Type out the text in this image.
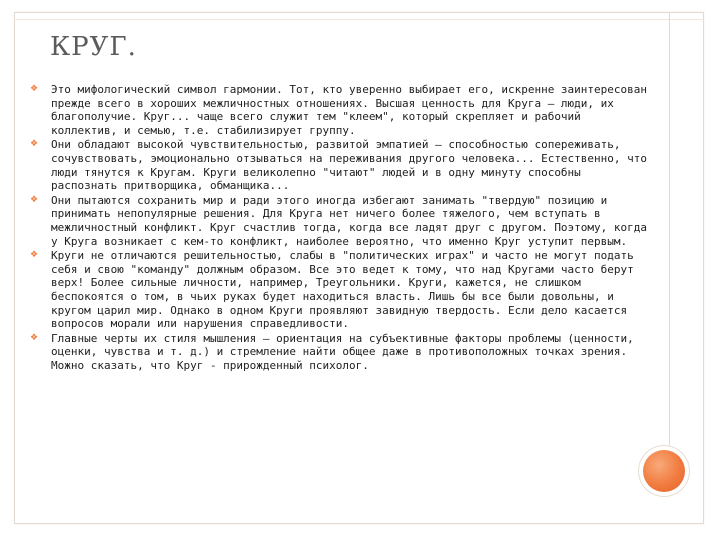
КРУГ.
❖ Это мифологический символ гармонии. Тот, кто уверенно выбирает его, искренне заинтересован прежде всего в хороших межличностных отношениях. Высшая ценность для Круга – люди, их благополучие. Круг... чаще всего служит тем "клеем", который скрепляет и рабочий коллектив, и семью, т.е. стабилизирует группу.
❖ Они обладают высокой чувствительностью, развитой эмпатией – способностью сопереживать, сочувствовать, эмоционально отзываться на переживания другого человека... Естественно, что люди тянутся к Кругам. Круги великолепно "читают" людей и в одну минуту способны распознать притворщика, обманщика...
❖ Они пытаются сохранить мир и ради этого иногда избегают занимать "твердую" позицию и принимать непопулярные решения. Для Круга нет ничего более тяжелого, чем вступать в межличностный конфликт. Круг счастлив тогда, когда все ладят друг с другом. Поэтому, когда у Круга возникает с кем-то конфликт, наиболее вероятно, что именно Круг уступит первым.
❖ Круги не отличаются решительностью, слабы в "политических играх" и часто не могут подать себя и свою "команду" должным образом. Все это ведет к тому, что над Кругами часто берут верх! Более сильные личности, например, Треугольники. Круги, кажется, не слишком беспокоятся о том, в чьих руках будет находиться власть. Лишь бы все были довольны, и кругом царил мир. Однако в одном Круги проявляют завидную твердость. Если дело касается вопросов морали или нарушения справедливости.
❖ Главные черты их стиля мышления – ориентация на субъективные факторы проблемы (ценности, оценки, чувства и т. д.) и стремление найти общее даже в противоположных точках зрения. Можно сказать, что Круг - прирожденный психолог.
